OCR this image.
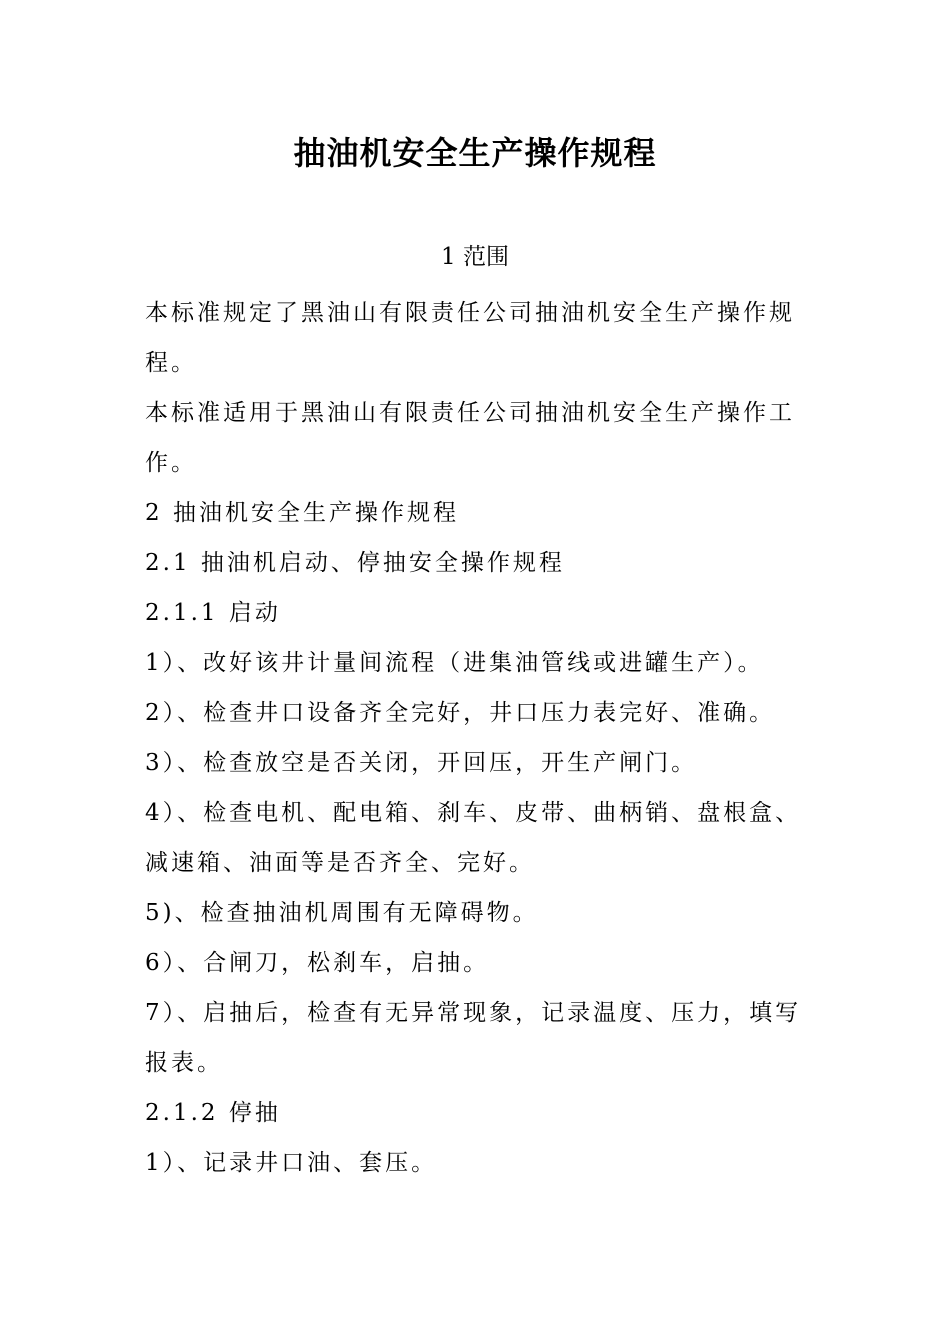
抽油机安全生产操作规程
1 范围

本标准规定了黑油山有限责任公司抽油机安全生产操作规程。

本标准适用于黑油山有限责任公司抽油机安全生产操作工作。

2 抽油机安全生产操作规程

2.1 抽油机启动、停抽安全操作规程

2.1.1 启动

1）、改好该井计量间流程（进集油管线或进罐生产）。

2）、检查井口设备齐全完好，井口压力表完好、准确。

3）、检查放空是否关闭，开回压，开生产闸门。

4）、检查电机、配电箱、刹车、皮带、曲柄销、盘根盒、减速箱、油面等是否齐全、完好。

5)、检查抽油机周围有无障碍物。

6）、合闸刀，松刹车，启抽。

7）、启抽后，检查有无异常现象，记录温度、压力，填写报表。

2.1.2 停抽

1）、记录井口油、套压。
